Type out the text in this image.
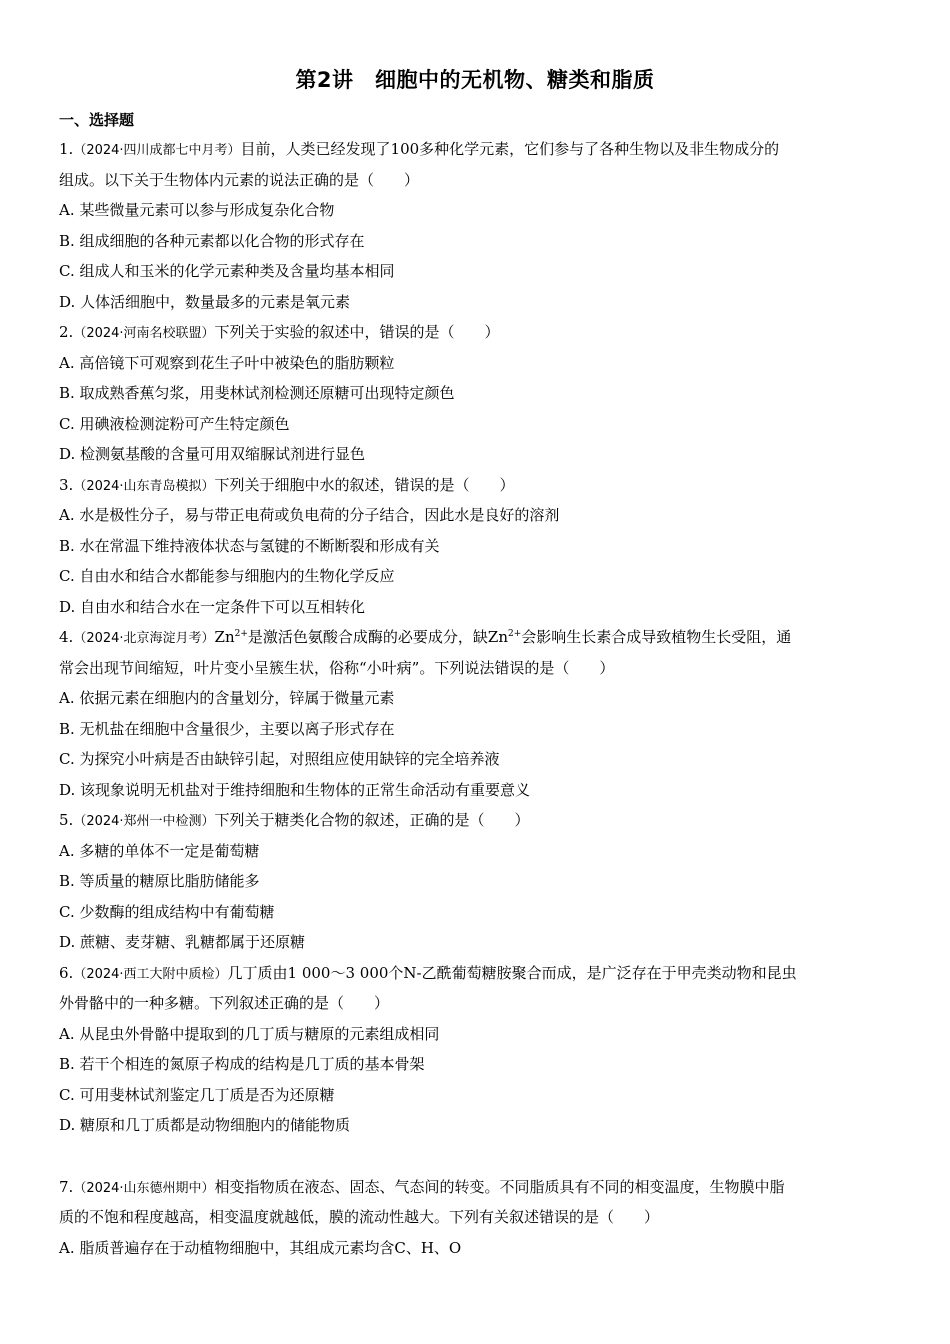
第2讲　细胞中的无机物、糖类和脂质
一、选择题
1.（2024·四川成都七中月考）目前，人类已经发现了100多种化学元素，它们参与了各种生物以及非生物成分的
组成。以下关于生物体内元素的说法正确的是（　　）
A. 某些微量元素可以参与形成复杂化合物
B. 组成细胞的各种元素都以化合物的形式存在
C. 组成人和玉米的化学元素种类及含量均基本相同
D. 人体活细胞中，数量最多的元素是氧元素
2.（2024·河南名校联盟）下列关于实验的叙述中，错误的是（　　）
A. 高倍镜下可观察到花生子叶中被染色的脂肪颗粒
B. 取成熟香蕉匀浆，用斐林试剂检测还原糖可出现特定颜色
C. 用碘液检测淀粉可产生特定颜色
D. 检测氨基酸的含量可用双缩脲试剂进行显色
3.（2024·山东青岛模拟）下列关于细胞中水的叙述，错误的是（　　）
A. 水是极性分子，易与带正电荷或负电荷的分子结合，因此水是良好的溶剂
B. 水在常温下维持液体状态与氢键的不断断裂和形成有关
C. 自由水和结合水都能参与细胞内的生物化学反应
D. 自由水和结合水在一定条件下可以互相转化
4.（2024·北京海淀月考）$Zn^{2+}$是激活色氨酸合成酶的必要成分，缺$Zn^{2+}$会影响生长素合成导致植物生长受阻，通
常会出现节间缩短，叶片变小呈簇生状，俗称“小叶病”。下列说法错误的是（　　）
A. 依据元素在细胞内的含量划分，锌属于微量元素
B. 无机盐在细胞中含量很少，主要以离子形式存在
C. 为探究小叶病是否由缺锌引起，对照组应使用缺锌的完全培养液
D. 该现象说明无机盐对于维持细胞和生物体的正常生命活动有重要意义
5.（2024·郑州一中检测）下列关于糖类化合物的叙述，正确的是（　　）
A. 多糖的单体不一定是葡萄糖
B. 等质量的糖原比脂肪储能多
C. 少数酶的组成结构中有葡萄糖
D. 蔗糖、麦芽糖、乳糖都属于还原糖
6.（2024·西工大附中质检）几丁质由1 000～3 000个N-乙酰葡萄糖胺聚合而成，是广泛存在于甲壳类动物和昆虫
外骨骼中的一种多糖。下列叙述正确的是（　　）
A. 从昆虫外骨骼中提取到的几丁质与糖原的元素组成相同
B. 若干个相连的氮原子构成的结构是几丁质的基本骨架
C. 可用斐林试剂鉴定几丁质是否为还原糖
D. 糖原和几丁质都是动物细胞内的储能物质
7.（2024·山东德州期中）相变指物质在液态、固态、气态间的转变。不同脂质具有不同的相变温度，生物膜中脂
质的不饱和程度越高，相变温度就越低，膜的流动性越大。下列有关叙述错误的是（　　）
A. 脂质普遍存在于动植物细胞中，其组成元素均含C、H、O
